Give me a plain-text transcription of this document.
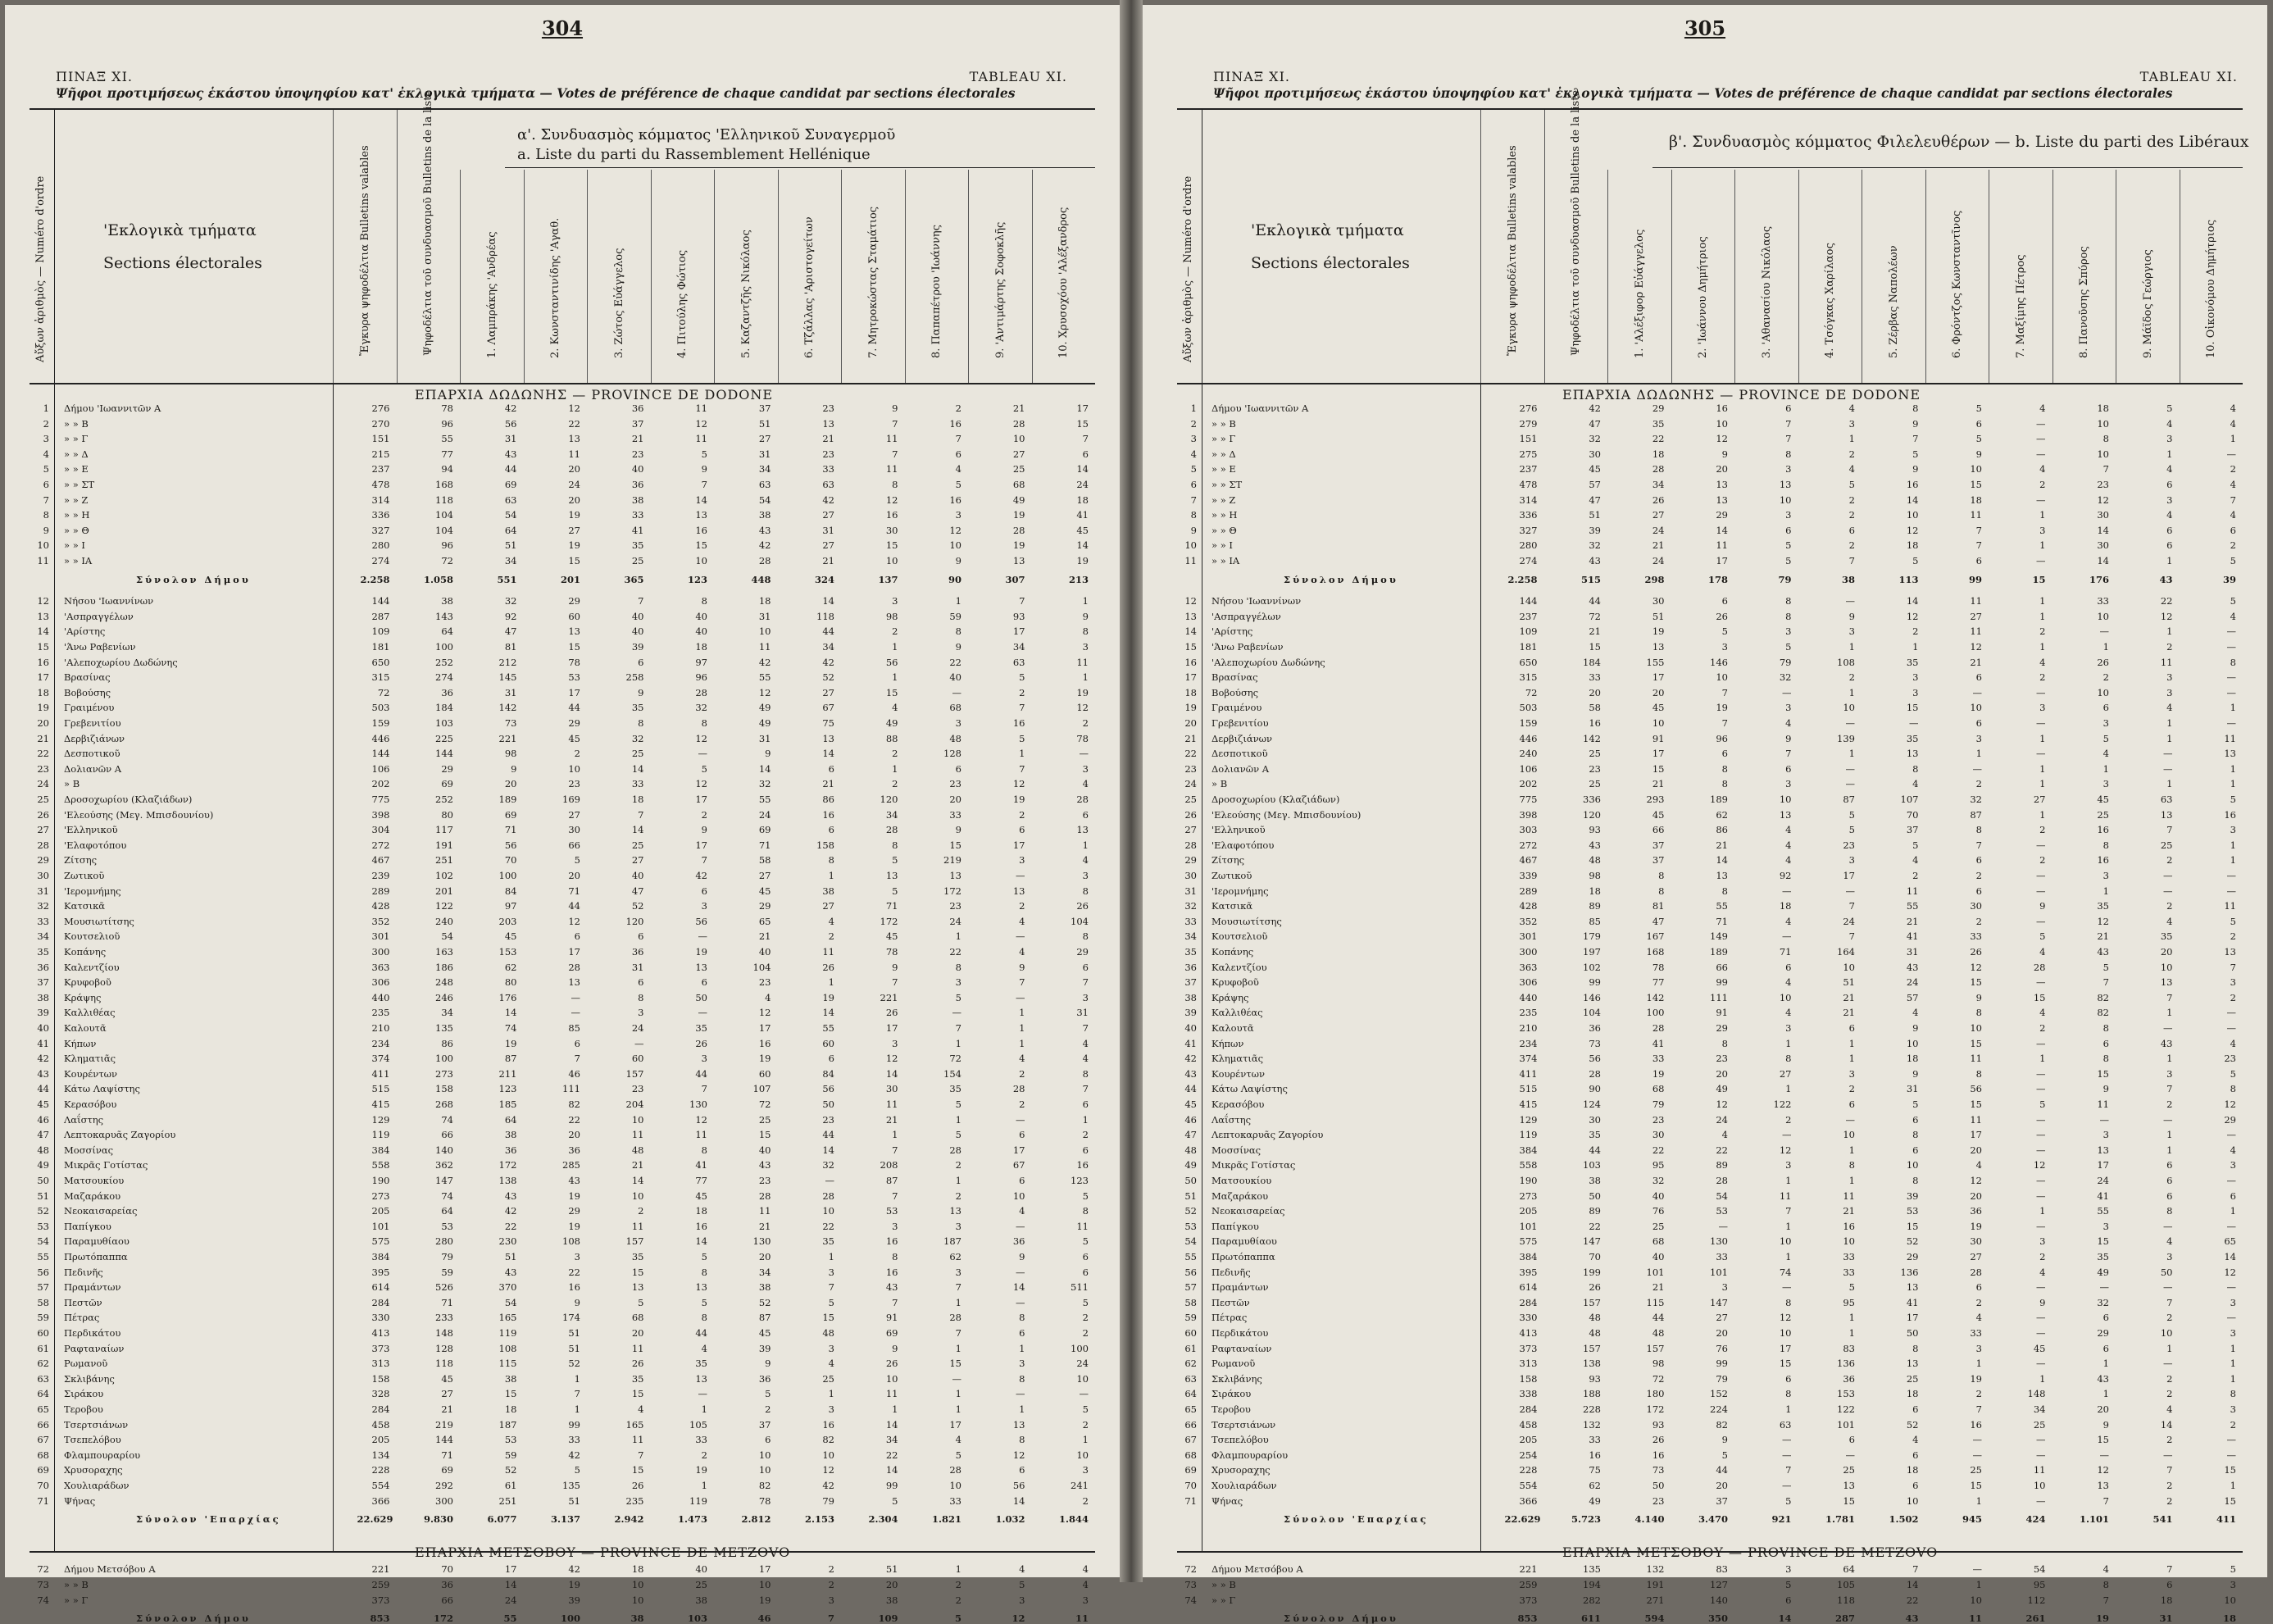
304
ΠΙΝΑΞ ΧΙ.	TABLEAU XI.
Ψῆφοι προτιμήσεως ἑκάστου ὑποψηφίου κατ' ἐκλογικὰ τμήματα — Votes de préférence de chaque candidat par sections électorales
α'. Συνδυασμὸς κόμματος 'Ελληνικοῦ Συναγερμοῦ
a. Liste du parti du Rassemblement Hellénique
'Εκλογικὰ τμήματα
Sections électorales
Αὔξων ἀριθμὸς — Numéro d'ordre	Ἔγκυρα ψηφοδέλτια Bulletins valables	Ψηφοδέλτια τοῦ συνδυασμοῦ Bulletins de la liste	1. Λαμπράκης 'Ανδρέας	2. Κωνσταντινίδης 'Αγαθ.	3. Ζώτος Εὐάγγελος	4. Πιτούλης Φώτιος	5. Καζαντζῆς Νικόλαος	6. Τζάλλας 'Αριστογείτων	7. Μητροκώστας Σταμάτιος	8. Παπαπέτρου 'Ιωάννης	9. 'Αντιμάρτης Σοφοκλῆς	10. Χρυσοχόου 'Αλέξανδρος
ΕΠΑΡΧΙΑ ΔΩΔΩΝΗΣ — PROVINCE DE DODONE
1 Δήμου 'Ιωαννιτῶν Α	276	78	42	12	36	11	37	23	9	2	21	17
2 » » Β	270	96	56	22	37	12	51	13	7	16	28	15
3 » » Γ	151	55	31	13	21	11	27	21	11	7	10	7
4 » » Δ	215	77	43	11	23	5	31	23	7	6	27	6
5 » » Ε	237	94	44	20	40	9	34	33	11	4	25	14
6 » » ΣΤ	478	168	69	24	36	7	63	63	8	5	68	24
7 » » Ζ	314	118	63	20	38	14	54	42	12	16	49	18
8 » » Η	336	104	54	19	33	13	38	27	16	3	19	41
9 » » Θ	327	104	64	27	41	16	43	31	30	12	28	45
10 » » Ι	280	96	51	19	35	15	42	27	15	10	19	14
11 » » ΙΑ	274	72	34	15	25	10	28	21	10	9	13	19
Σύνολον Δήμου	2.258	1.058	551	201	365	123	448	324	137	90	307	213
12 Νήσου 'Ιωαννίνων	144	38	32	29	7	8	18	14	3	1	7	1
13 'Ασπραγγέλων	287	143	92	60	40	40	31	118	98	59	93	9
14 'Αρίστης	109	64	47	13	40	40	10	44	2	8	17	8
15 'Άνω Ραβενίων	181	100	81	15	39	18	11	34	1	9	34	3
16 'Αλεποχωρίου Δωδώνης	650	252	212	78	6	97	42	42	56	22	63	11
17 Βρασίνας	315	274	145	53	258	96	55	52	1	40	5	1
18 Βοβούσης	72	36	31	17	9	28	12	27	15	—	2	19
19 Γραιμένου	503	184	142	44	35	32	49	67	4	68	7	12
20 Γρεβενιτίου	159	103	73	29	8	8	49	75	49	3	16	2
21 Δερβιζιάνων	446	225	221	45	32	12	31	13	88	48	5	78
22 Δεσποτικοῦ	144	144	98	2	25	—	9	14	2	128	1	—
23 Δολιανῶν Α	106	29	9	10	14	5	14	6	1	6	7	3
24 » Β	202	69	20	23	33	12	32	21	2	23	12	4
25 Δροσοχωρίου (Κλαζιάδων)	775	252	189	169	18	17	55	86	120	20	19	28
26 'Ελεούσης (Μεγ. Μπισδουνίου)	398	80	69	27	7	2	24	16	34	33	2	6
27 'Ελληνικοῦ	304	117	71	30	14	9	69	6	28	9	6	13
28 'Ελαφοτόπου	272	191	56	66	25	17	71	158	8	15	17	1
29 Ζίτσης	467	251	70	5	27	7	58	8	5	219	3	4
30 Ζωτικοῦ	239	102	100	20	40	42	27	1	13	13	—	3
31 'Ιερομνήμης	289	201	84	71	47	6	45	38	5	172	13	8
32 Κατσικᾶ	428	122	97	44	52	3	29	27	71	23	2	26
33 Μουσιωτίτσης	352	240	203	12	120	56	65	4	172	24	4	104
34 Κουτσελιοῦ	301	54	45	6	6	—	21	2	45	1	—	8
35 Κοπάνης	300	163	153	17	36	19	40	11	78	22	4	29
36 Καλεντζίου	363	186	62	28	31	13	104	26	9	8	9	6
37 Κρυφοβοῦ	306	248	80	13	6	6	23	1	7	3	7	7
38 Κράψης	440	246	176	—	8	50	4	19	221	5	—	3
39 Καλλιθέας	235	34	14	—	3	—	12	14	26	—	1	31
40 Καλουτᾶ	210	135	74	85	24	35	17	55	17	7	1	7
41 Κήπων	234	86	19	6	—	26	16	60	3	1	1	4
42 Κληματιᾶς	374	100	87	7	60	3	19	6	12	72	4	4
43 Κουρέντων	411	273	211	46	157	44	60	84	14	154	2	8
44 Κάτω Λαψίστης	515	158	123	111	23	7	107	56	30	35	28	7
45 Κερασόβου	415	268	185	82	204	130	72	50	11	5	2	6
46 Λαΐστης	129	74	64	22	10	12	25	23	21	1	—	1
47 Λεπτοκαρυᾶς Ζαγορίου	119	66	38	20	11	11	15	44	1	5	6	2
48 Μοσσίνας	384	140	36	36	48	8	40	14	7	28	17	6
49 Μικρᾶς Γοτίστας	558	362	172	285	21	41	43	32	208	2	67	16
50 Ματσουκίου	190	147	138	43	14	77	23	—	87	1	6	123
51 Μαζαράκου	273	74	43	19	10	45	28	28	7	2	10	5
52 Νεοκαισαρείας	205	64	42	29	2	18	11	10	53	13	4	8
53 Παπίγκου	101	53	22	19	11	16	21	22	3	3	—	11
54 Παραμυθίαου	575	280	230	108	157	14	130	35	16	187	36	5
55 Πρωτόπαππα	384	79	51	3	35	5	20	1	8	62	9	6
56 Πεδινῆς	395	59	43	22	15	8	34	3	16	3	—	6
57 Πραμάντων	614	526	370	16	13	13	38	7	43	7	14	511
58 Πεστῶν	284	71	54	9	5	5	52	5	7	1	—	5
59 Πέτρας	330	233	165	174	68	8	87	15	91	28	8	2
60 Περδικάτου	413	148	119	51	20	44	45	48	69	7	6	2
61 Ραφταναίων	373	128	108	51	11	4	39	3	9	1	1	100
62 Ρωμανοῦ	313	118	115	52	26	35	9	4	26	15	3	24
63 Σκλιβάνης	158	45	38	1	35	13	36	25	10	—	8	10
64 Σιράκου	328	27	15	7	15	—	5	1	11	1	—	—
65 Τεροβου	284	21	18	1	4	1	2	3	1	1	1	5
66 Τσερτσιάνων	458	219	187	99	165	105	37	16	14	17	13	2
67 Τσεπελόβου	205	144	53	33	11	33	6	82	34	4	8	1
68 Φλαμπουραρίου	134	71	59	42	7	2	10	10	22	5	12	10
69 Χρυσοραχης	228	69	52	5	15	19	10	12	14	28	6	3
70 Χουλιαράδων	554	292	61	135	26	1	82	42	99	10	56	241
71 Ψήνας	366	300	251	51	235	119	78	79	5	33	14	2
Σύνολον 'Επαρχίας	22.629	9.830	6.077	3.137	2.942	1.473	2.812	2.153	2.304	1.821	1.032	1.844
ΕΠΑΡΧΙΑ ΜΕΤΣΟΒΟΥ — PROVINCE DE METZOVO
72 Δήμου Μετσόβου Α	221	70	17	42	18	40	17	2	51	1	4	4
73 » » Β	259	36	14	19	10	25	10	2	20	2	5	4
74 » » Γ	373	66	24	39	10	38	19	3	38	2	3	3
Σύνολον Δήμου	853	172	55	100	38	103	46	7	109	5	12	11
305
ΠΙΝΑΞ ΧΙ.	TABLEAU XI.
Ψῆφοι προτιμήσεως ἑκάστου ὑποψηφίου κατ' ἐκλογικὰ τμήματα — Votes de préférence de chaque candidat par sections électorales
β'. Συνδυασμὸς κόμματος Φιλελευθέρων — b. Liste du parti des Libéraux
'Εκλογικὰ τμήματα
Sections électorales
Αὔξων ἀριθμὸς — Numéro d'ordre	Ἔγκυρα ψηφοδέλτια Bulletins valables	Ψηφοδέλτια τοῦ συνδυασμοῦ Bulletins de la liste	1. 'Αλέξιφορ Εὐάγγελος	2. 'Ιωάννου Δημήτριος	3. 'Αθανασίου Νικόλαος	4. Τσόγκας Χαρίλαος	5. Ζέρβας Ναπολέων	6. Φρόντζος Κωνσταντῖνος	7. Μαξίμης Πέτρος	8. Πανοῦσης Σπύρος	9. Μάϊδος Γεώργιος	10. Οἰκονόμου Δημήτριος
ΕΠΑΡΧΙΑ ΔΩΔΩΝΗΣ — PROVINCE DE DODONE
1 Δήμου 'Ιωαννιτῶν Α	276	42	29	16	6	4	8	5	4	18	5	4
2 » » Β	279	47	35	10	7	3	9	6	—	10	4	4
3 » » Γ	151	32	22	12	7	1	7	5	—	8	3	1
4 » » Δ	275	30	18	9	8	2	5	9	—	10	1	—
5 » » Ε	237	45	28	20	3	4	9	10	4	7	4	2
6 » » ΣΤ	478	57	34	13	13	5	16	15	2	23	6	4
7 » » Ζ	314	47	26	13	10	2	14	18	—	12	3	7
8 » » Η	336	51	27	29	3	2	10	11	1	30	4	4
9 » » Θ	327	39	24	14	6	6	12	7	3	14	6	6
10 » » Ι	280	32	21	11	5	2	18	7	1	30	6	2
11 » » ΙΑ	274	43	24	17	5	7	5	6	—	14	1	5
Σύνολον Δήμου	2.258	515	298	178	79	38	113	99	15	176	43	39
12 Νήσου 'Ιωαννίνων	144	44	30	6	8	—	14	11	1	33	22	5
13 'Ασπραγγέλων	237	72	51	26	8	9	12	27	1	10	12	4
14 'Αρίστης	109	21	19	5	3	3	2	11	2	—	1	—
15 'Άνω Ραβενίων	181	15	13	3	5	1	1	12	1	1	2	—
16 'Αλεποχωρίου Δωδώνης	650	184	155	146	79	108	35	21	4	26	11	8
17 Βρασίνας	315	33	17	10	32	2	3	6	2	2	3	—
18 Βοβούσης	72	20	20	7	—	1	3	—	—	10	3	—
19 Γραιμένου	503	58	45	19	3	10	15	10	3	6	4	1
20 Γρεβενιτίου	159	16	10	7	4	—	—	6	—	3	1	—
21 Δερβιζιάνων	446	142	91	96	9	139	35	3	1	5	1	11
22 Δεσποτικοῦ	240	25	17	6	7	1	13	1	—	4	—	13
23 Δολιανῶν Α	106	23	15	8	6	—	8	—	1	1	—	1
24 » Β	202	25	21	8	3	—	4	2	1	3	1	1
25 Δροσοχωρίου (Κλαζιάδων)	775	336	293	189	10	87	107	32	27	45	63	5
26 'Ελεούσης (Μεγ. Μπισδουνίου)	398	120	45	62	13	5	70	87	1	25	13	16
27 'Ελληνικοῦ	303	93	66	86	4	5	37	8	2	16	7	3
28 'Ελαφοτόπου	272	43	37	21	4	23	5	7	—	8	25	1
29 Ζίτσης	467	48	37	14	4	3	4	6	2	16	2	1
30 Ζωτικοῦ	339	98	8	13	92	17	2	2	—	3	—	—
31 'Ιερομνήμης	289	18	8	8	—	—	11	6	—	1	—	—
32 Κατσικᾶ	428	89	81	55	18	7	55	30	9	35	2	11
33 Μουσιωτίτσης	352	85	47	71	4	24	21	2	—	12	4	5
34 Κουτσελιοῦ	301	179	167	149	—	7	41	33	5	21	35	2
35 Κοπάνης	300	197	168	189	71	164	31	26	4	43	20	13
36 Καλεντζίου	363	102	78	66	6	10	43	12	28	5	10	7
37 Κρυφοβοῦ	306	99	77	99	4	51	24	15	—	7	13	3
38 Κράψης	440	146	142	111	10	21	57	9	15	82	7	2
39 Καλλιθέας	235	104	100	91	4	21	4	8	4	82	1	—
40 Καλουτᾶ	210	36	28	29	3	6	9	10	2	8	—	—
41 Κήπων	234	73	41	8	1	1	10	15	—	6	43	4
42 Κληματιᾶς	374	56	33	23	8	1	18	11	1	8	1	23
43 Κουρέντων	411	28	19	20	27	3	9	8	—	15	3	5
44 Κάτω Λαψίστης	515	90	68	49	1	2	31	56	—	9	7	8
45 Κερασόβου	415	124	79	12	122	6	5	15	5	11	2	12
46 Λαΐστης	129	30	23	24	2	—	6	11	—	—	—	29
47 Λεπτοκαρυᾶς Ζαγορίου	119	35	30	4	—	10	8	17	—	3	1	—
48 Μοσσίνας	384	44	22	22	12	1	6	20	—	13	1	4
49 Μικρᾶς Γοτίστας	558	103	95	89	3	8	10	4	12	17	6	3
50 Ματσουκίου	190	38	32	28	1	1	8	12	—	24	6	—
51 Μαζαράκου	273	50	40	54	11	11	39	20	—	41	6	6
52 Νεοκαισαρείας	205	89	76	53	7	21	53	36	1	55	8	1
53 Παπίγκου	101	22	25	—	1	16	15	19	—	3	—	—
54 Παραμυθίαου	575	147	68	130	10	10	52	30	3	15	4	65
55 Πρωτόπαππα	384	70	40	33	1	33	29	27	2	35	3	14
56 Πεδινῆς	395	199	101	101	74	33	136	28	4	49	50	12
57 Πραμάντων	614	26	21	3	—	5	13	6	—	—	—	—
58 Πεστῶν	284	157	115	147	8	95	41	2	9	32	7	3
59 Πέτρας	330	48	44	27	12	1	17	4	—	6	2	—
60 Περδικάτου	413	48	48	20	10	1	50	33	—	29	10	3
61 Ραφταναίων	373	157	157	76	17	83	8	3	45	6	1	1
62 Ρωμανοῦ	313	138	98	99	15	136	13	1	—	1	—	1
63 Σκλιβάνης	158	93	72	79	6	36	25	19	1	43	2	1
64 Σιράκου	338	188	180	152	8	153	18	2	148	1	2	8
65 Τεροβου	284	228	172	224	1	122	6	7	34	20	4	3
66 Τσερτσιάνων	458	132	93	82	63	101	52	16	25	9	14	2
67 Τσεπελόβου	205	33	26	9	—	6	4	—	—	15	2	—
68 Φλαμπουραρίου	254	16	16	5	—	—	6	—	—	—	—	—
69 Χρυσοραχης	228	75	73	44	7	25	18	25	11	12	7	15
70 Χουλιαράδων	554	62	50	20	—	13	6	15	10	13	2	1
71 Ψήνας	366	49	23	37	5	15	10	1	—	7	2	15
Σύνολον 'Επαρχίας	22.629	5.723	4.140	3.470	921	1.781	1.502	945	424	1.101	541	411
ΕΠΑΡΧΙΑ ΜΕΤΣΟΒΟΥ — PROVINCE DE METZOVO
72 Δήμου Μετσόβου Α	221	135	132	83	3	64	7	—	54	4	7	5
73 » » Β	259	194	191	127	5	105	14	1	95	8	6	3
74 » » Γ	373	282	271	140	6	118	22	10	112	7	18	10
Σύνολον Δήμου	853	611	594	350	14	287	43	11	261	19	31	18
